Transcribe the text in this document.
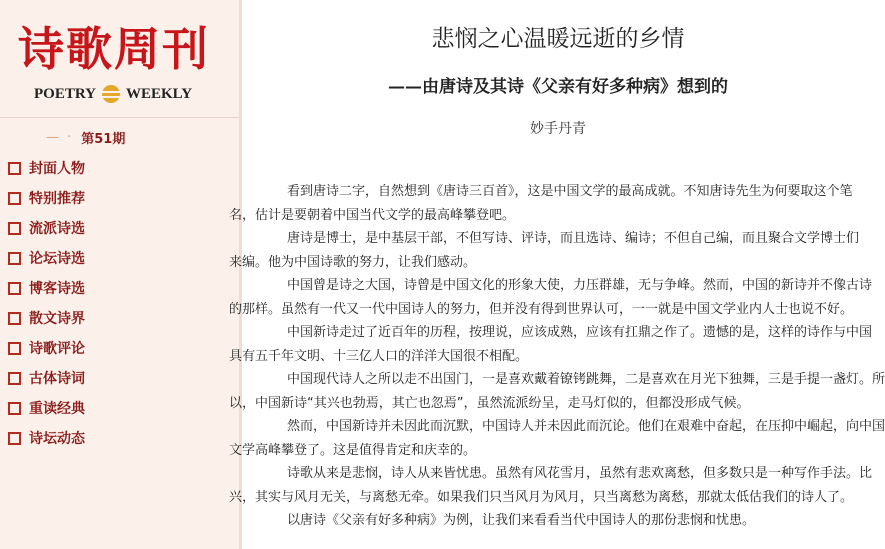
诗歌周刊
POETRY WEEKLY
— · 第51期
封面人物
特别推荐
流派诗选
论坛诗选
博客诗选
散文诗界
诗歌评论
古体诗词
重读经典
诗坛动态
悲悯之心温暖远逝的乡情
——由唐诗及其诗《父亲有好多种病》想到的
妙手丹青

看到唐诗二字，自然想到《唐诗三百首》，这是中国文学的最高成就。不知唐诗先生为何要取这个笔
名，估计是要朝着中国当代文学的最高峰攀登吧。

唐诗是博士，是中基层干部，不但写诗、评诗，而且选诗、编诗；不但自己编，而且聚合文学博士们
来编。他为中国诗歌的努力，让我们感动。

中国曾是诗之大国，诗曾是中国文化的形象大使，力压群雄，无与争峰。然而，中国的新诗并不像古诗
的那样。虽然有一代又一代中国诗人的努力，但并没有得到世界认可，一一就是中国文学业内人士也说不好。

中国新诗走过了近百年的历程，按理说，应该成熟，应该有扛鼎之作了。遗憾的是，这样的诗作与中国
具有五千年文明、十三亿人口的洋洋大国很不相配。

中国现代诗人之所以走不出国门，一是喜欢戴着镣铐跳舞，二是喜欢在月光下独舞，三是手提一盏灯。所
以，中国新诗“其兴也勃焉，其亡也忽焉”，虽然流派纷呈，走马灯似的，但都没形成气候。

然而，中国新诗并未因此而沉默，中国诗人并未因此而沉论。他们在艰难中奋起，在压抑中崛起，向中国
文学高峰攀登了。这是值得肯定和庆幸的。

诗歌从来是悲悯，诗人从来皆忧患。虽然有风花雪月，虽然有悲欢离愁，但多数只是一种写作手法。比
兴，其实与风月无关，与离愁无牵。如果我们只当风月为风月，只当离愁为离愁，那就太低估我们的诗人了。

以唐诗《父亲有好多种病》为例，让我们来看看当代中国诗人的那份悲悯和忧患。
